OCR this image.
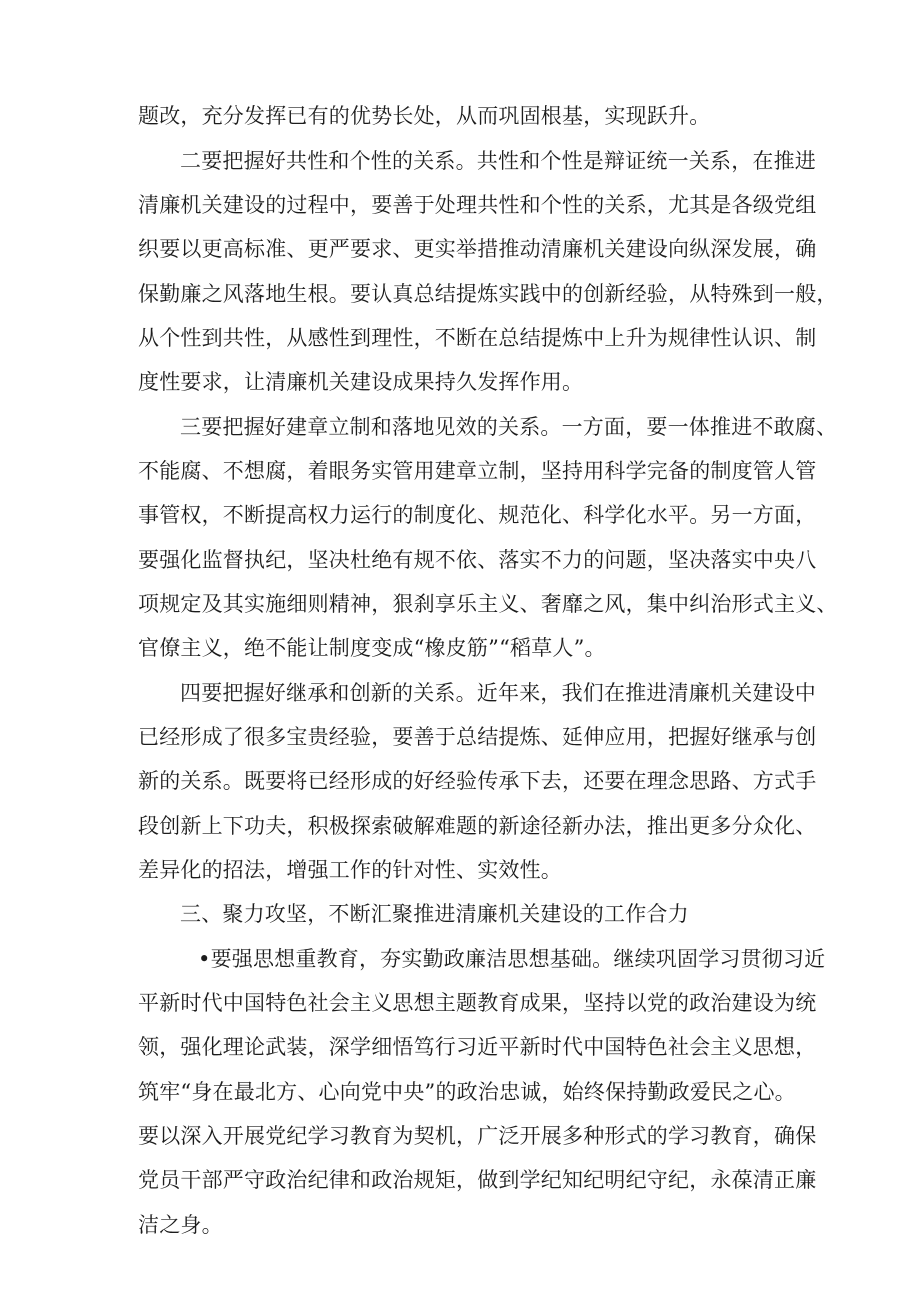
题改，充分发挥已有的优势长处，从而巩固根基，实现跃升。
二要把握好共性和个性的关系。共性和个性是辩证统一关系，在推进
清廉机关建设的过程中，要善于处理共性和个性的关系，尤其是各级党组
织要以更高标准、更严要求、更实举措推动清廉机关建设向纵深发展，确
保勤廉之风落地生根。要认真总结提炼实践中的创新经验，从特殊到一般，
从个性到共性，从感性到理性，不断在总结提炼中上升为规律性认识、制
度性要求，让清廉机关建设成果持久发挥作用。
三要把握好建章立制和落地见效的关系。一方面，要一体推进不敢腐、
不能腐、不想腐，着眼务实管用建章立制，坚持用科学完备的制度管人管
事管权，不断提高权力运行的制度化、规范化、科学化水平。另一方面，
要强化监督执纪，坚决杜绝有规不依、落实不力的问题，坚决落实中央八
项规定及其实施细则精神，狠刹享乐主义、奢靡之风，集中纠治形式主义、
官僚主义，绝不能让制度变成“橡皮筋”“稻草人”。
四要把握好继承和创新的关系。近年来，我们在推进清廉机关建设中
已经形成了很多宝贵经验，要善于总结提炼、延伸应用，把握好继承与创
新的关系。既要将已经形成的好经验传承下去，还要在理念思路、方式手
段创新上下功夫，积极探索破解难题的新途径新办法，推出更多分众化、
差异化的招法，增强工作的针对性、实效性。
三、聚力攻坚，不断汇聚推进清廉机关建设的工作合力
•要强思想重教育，夯实勤政廉洁思想基础。继续巩固学习贯彻习近
平新时代中国特色社会主义思想主题教育成果，坚持以党的政治建设为统
领，强化理论武装，深学细悟笃行习近平新时代中国特色社会主义思想，
筑牢“身在最北方、心向党中央”的政治忠诚，始终保持勤政爱民之心。
要以深入开展党纪学习教育为契机，广泛开展多种形式的学习教育，确保
党员干部严守政治纪律和政治规矩，做到学纪知纪明纪守纪，永葆清正廉
洁之身。
